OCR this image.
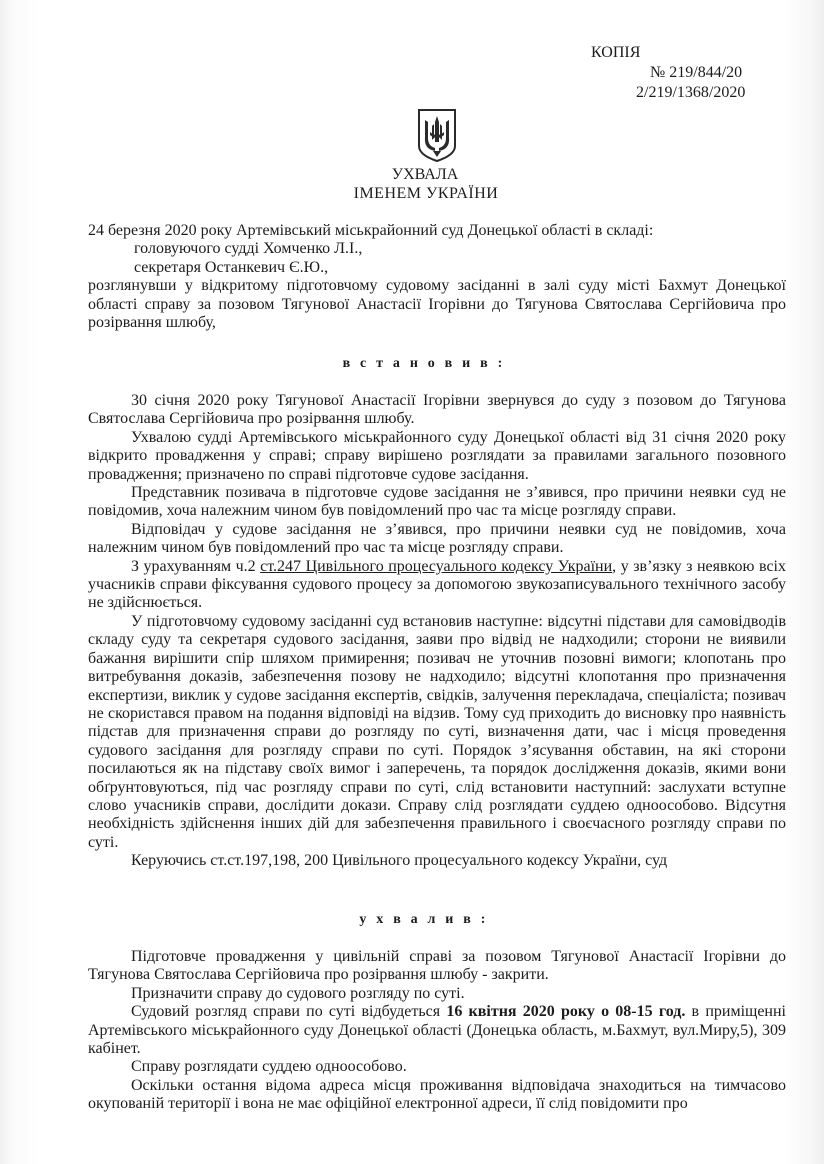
КОПІЯ
№ 219/844/20
2/219/1368/2020
УХВАЛА
ІМЕНЕМ УКРАЇНИ

24 березня 2020 року Артемівський міськрайонний суд Донецької області в складі:

головуючого судді Хомченко Л.І.,

секретаря Останкевич Є.Ю.,

розглянувши у відкритому підготовчому судовому засіданні в залі суду місті Бахмут Донецької області справу за позовом Тягунової Анастасії Ігорівни до Тягунова Святослава Сергійовича про розірвання шлюбу,

в с т а н о в и в :

30 січня 2020 року Тягунової Анастасії Ігорівни звернувся до суду з позовом до Тягунова Святослава Сергійовича про розірвання шлюбу.

Ухвалою судді Артемівського міськрайонного суду Донецької області від 31 січня 2020 року відкрито провадження у справі; справу вирішено розглядати за правилами загального позовного провадження; призначено по справі підготовче судове засідання.

Представник позивача в підготовче судове засідання не з’явився, про причини неявки суд не повідомив, хоча належним чином був повідомлений про час та місце розгляду справи.

Відповідач у судове засідання не з’явився, про причини неявки суд не повідомив, хоча належним чином був повідомлений про час та місце розгляду справи.

З урахуванням ч.2 ст.247 Цивільного процесуального кодексу України, у зв’язку з неявкою всіх учасників справи фіксування судового процесу за допомогою звукозаписувального технічного засобу не здійснюється.

У підготовчому судовому засіданні суд встановив наступне: відсутні підстави для самовідводів складу суду та секретаря судового засідання, заяви про відвід не надходили; сторони не виявили бажання вирішити спір шляхом примирення; позивач не уточнив позовні вимоги; клопотань про витребування доказів, забезпечення позову не надходило; відсутні клопотання про призначення експертизи, виклик у судове засідання експертів, свідків, залучення перекладача, спеціаліста; позивач не скористався правом на подання відповіді на відзив. Тому суд приходить до висновку про наявність підстав для призначення справи до розгляду по суті, визначення дати, час і місця проведення судового засідання для розгляду справи по суті. Порядок з’ясування обставин, на які сторони посилаються як на підставу своїх вимог і заперечень, та порядок дослідження доказів, якими вони обґрунтовуються, під час розгляду справи по суті, слід встановити наступний: заслухати вступне слово учасників справи, дослідити докази. Справу слід розглядати суддею одноособово. Відсутня необхідність здійснення інших дій для забезпечення правильного і своєчасного розгляду справи по суті.

Керуючись ст.ст.197,198, 200 Цивільного процесуального кодексу України, суд

у х в а л и в :

Підготовче провадження у цивільній справі за позовом Тягунової Анастасії Ігорівни до Тягунова Святослава Сергійовича про розірвання шлюбу - закрити.

Призначити справу до судового розгляду по суті.

Судовий розгляд справи по суті відбудеться 16 квітня 2020 року о 08-15 год. в приміщенні Артемівського міськрайонного суду Донецької області (Донецька область, м.Бахмут, вул.Миру,5), 309 кабінет.

Справу розглядати суддею одноособово.

Оскільки остання відома адреса місця проживання відповідача знаходиться на тимчасово окупованій території і вона не має офіційної електронної адреси, її слід повідомити про
